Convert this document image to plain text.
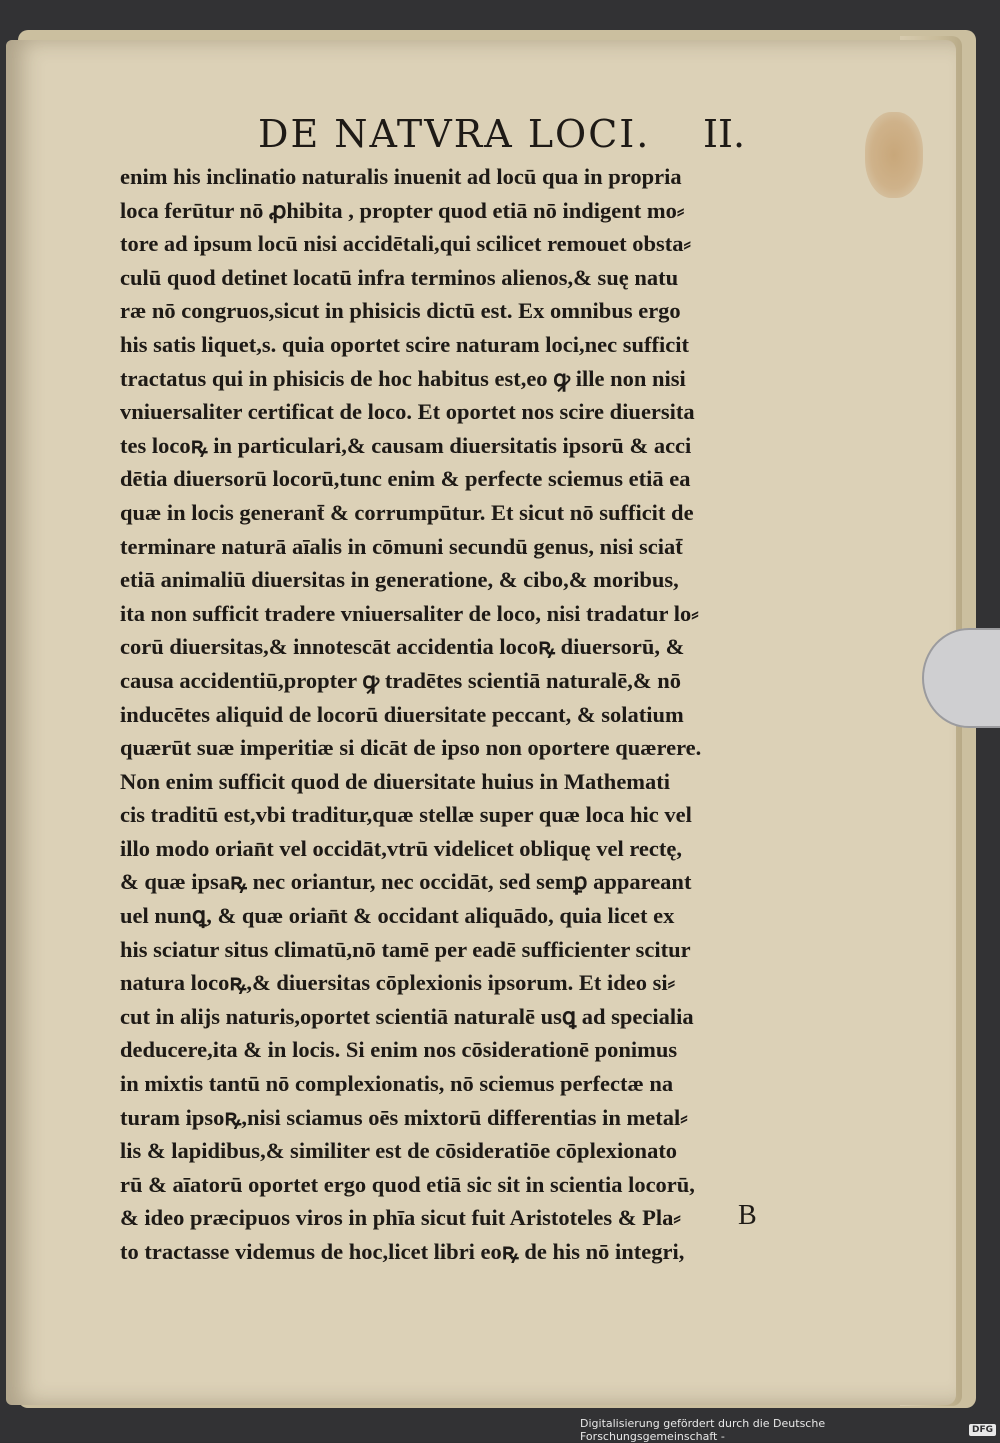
DE NATVRA LOCI. II.
enim his inclinatio naturalis inuenit ad locū qua in propria
loca ferūtur nō ꝓhibita , propter quod etiā nō indigent mo⸗
tore ad ipsum locū nisi accidētali,qui scilicet remouet obsta⸗
culū quod detinet locatū infra terminos alienos,& suę natu
ræ nō congruos,sicut in phisicis dictū est. Ex omnibus ergo
his satis liquet,s. quia oportet scire naturam loci,nec sufficit
tractatus qui in phisicis de hoc habitus est,eo ꝙ ille non nisi
vniuersaliter certificat de loco. Et oportet nos scire diuersita
tes locoꝶ in particulari,& causam diuersitatis ipsorū & acci
dētia diuersorū locorū,tunc enim & perfecte sciemus etiā ea
quæ in locis generant̄ & corrumpūtur. Et sicut nō sufficit de
terminare naturā aīalis in cōmuni secundū genus, nisi sciat̄
etiā animaliū diuersitas in generatione, & cibo,& moribus,
ita non sufficit tradere vniuersaliter de loco, nisi tradatur lo⸗
corū diuersitas,& innotescāt accidentia locoꝶ diuersorū, &
causa accidentiū,propter ꝙ tradētes scientiā naturalē,& nō
inducētes aliquid de locorū diuersitate peccant, & solatium
quærūt suæ imperitiæ si dicāt de ipso non oportere quærere.
Non enim sufficit quod de diuersitate huius in Mathemati
cis traditū est,vbi traditur,quæ stellæ super quæ loca hic vel
illo modo orian̄t vel occidāt,vtrū videlicet obliquę vel rectę,
& quæ ipsaꝶ nec oriantur, nec occidāt, sed semꝑ appareant
uel nunꝗ, & quæ orian̄t & occidant aliquādo, quia licet ex
his sciatur situs climatū,nō tamē per eadē sufficienter scitur
natura locoꝶ,& diuersitas cōplexionis ipsorum. Et ideo si⸗
cut in alijs naturis,oportet scientiā naturalē usꝗ ad specialia
deducere,ita & in locis. Si enim nos cōsiderationē ponimus
in mixtis tantū nō complexionatis, nō sciemus perfectæ na
turam ipsoꝶ,nisi sciamus oēs mixtorū differentias in metal⸗
lis & lapidibus,& similiter est de cōsideratiōe cōplexionato
rū & aīatorū oportet ergo quod etiā sic sit in scientia locorū,
& ideo præcipuos viros in phīa sicut fuit Aristoteles & Pla⸗
to tractasse videmus de hoc,licet libri eoꝶ de his nō integri,
B
Digitalisierung gefördert durch die Deutsche Forschungsgemeinschaft -	DFG
